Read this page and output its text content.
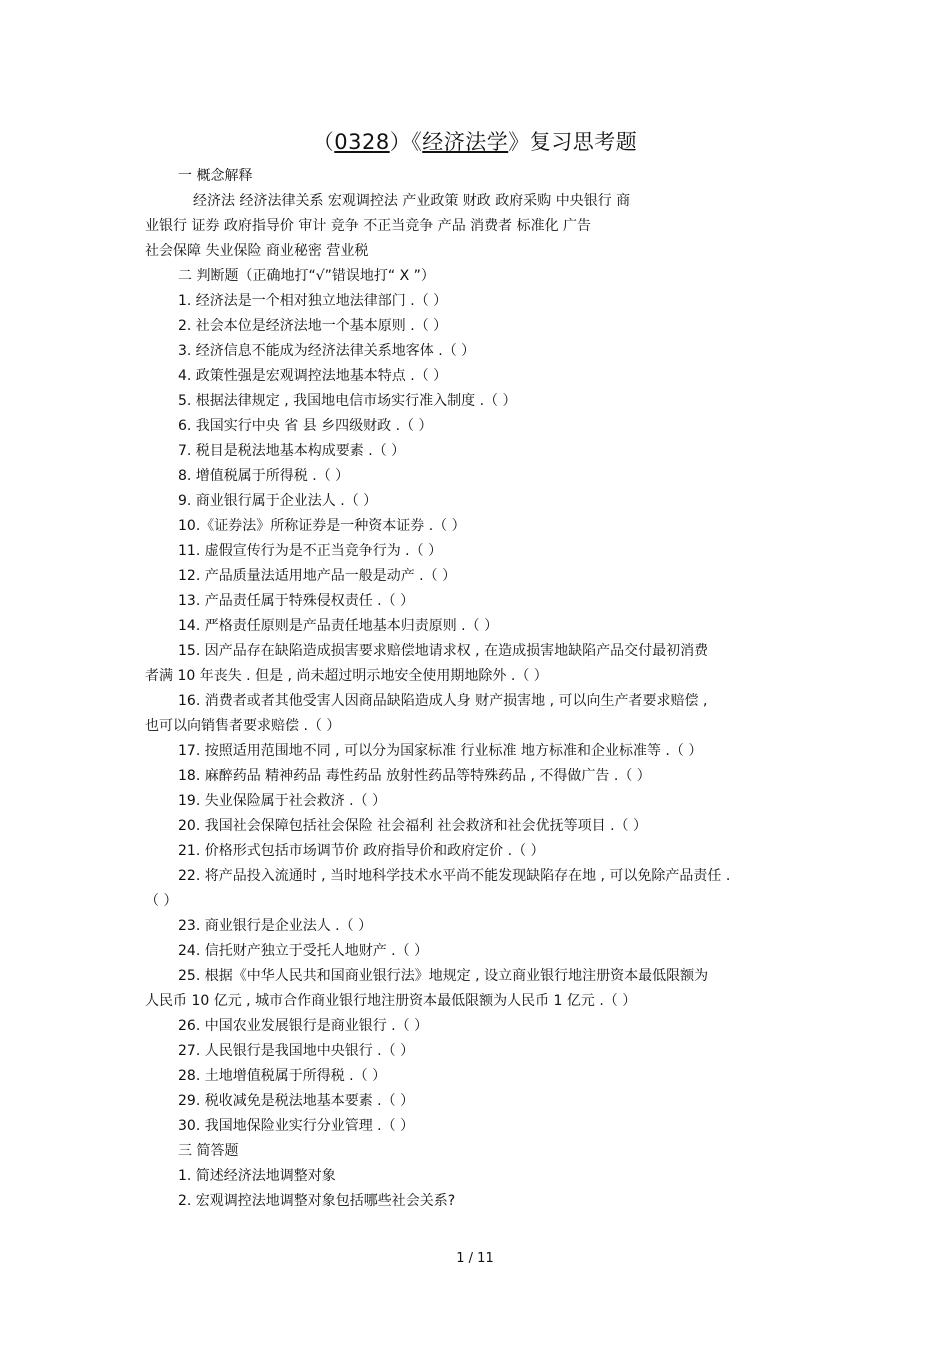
（0328）《经济法学》复习思考题
一 概念解释
经济法 经济法律关系 宏观调控法 产业政策 财政 政府采购 中央银行 商
业银行 证券 政府指导价 审计 竞争 不正当竞争 产品 消费者 标准化 广告
社会保障 失业保险 商业秘密 营业税
二 判断题（正确地打“√”错误地打“ X ”）
1. 经济法是一个相对独立地法律部门 .（ ）
2. 社会本位是经济法地一个基本原则 .（ ）
3. 经济信息不能成为经济法律关系地客体 .（ ）
4. 政策性强是宏观调控法地基本特点 .（ ）
5. 根据法律规定 , 我国地电信市场实行准入制度 .（ ）
6. 我国实行中央 省 县 乡四级财政 .（ ）
7. 税目是税法地基本构成要素 .（ ）
8. 增值税属于所得税 .（ ）
9. 商业银行属于企业法人 .（ ）
10.《证券法》所称证券是一种资本证券 .（ ）
11. 虚假宣传行为是不正当竞争行为 .（ ）
12. 产品质量法适用地产品一般是动产 .（ ）
13. 产品责任属于特殊侵权责任 .（ ）
14. 严格责任原则是产品责任地基本归责原则 .（ ）
15. 因产品存在缺陷造成损害要求赔偿地请求权 , 在造成损害地缺陷产品交付最初消费
者满 10 年丧失 . 但是 , 尚未超过明示地安全使用期地除外 .（ ）
16. 消费者或者其他受害人因商品缺陷造成人身 财产损害地 , 可以向生产者要求赔偿 ,
也可以向销售者要求赔偿 .（ ）
17. 按照适用范围地不同 , 可以分为国家标准 行业标准 地方标准和企业标准等 .（ ）
18. 麻醉药品 精神药品 毒性药品 放射性药品等特殊药品 , 不得做广告 .（ ）
19. 失业保险属于社会救济 .（ ）
20. 我国社会保障包括社会保险 社会福利 社会救济和社会优抚等项目 .（ ）
21. 价格形式包括市场调节价 政府指导价和政府定价 .（ ）
22. 将产品投入流通时 , 当时地科学技术水平尚不能发现缺陷存在地 , 可以免除产品责任 .
（ ）
23. 商业银行是企业法人 .（ ）
24. 信托财产独立于受托人地财产 .（ ）
25. 根据《中华人民共和国商业银行法》地规定 , 设立商业银行地注册资本最低限额为
人民币 10 亿元 , 城市合作商业银行地注册资本最低限额为人民币 1 亿元 .（ ）
26. 中国农业发展银行是商业银行 .（ ）
27. 人民银行是我国地中央银行 .（ ）
28. 土地增值税属于所得税 .（ ）
29. 税收减免是税法地基本要素 .（ ）
30. 我国地保险业实行分业管理 .（ ）
三 简答题
1. 简述经济法地调整对象
2. 宏观调控法地调整对象包括哪些社会关系?
1 / 11
